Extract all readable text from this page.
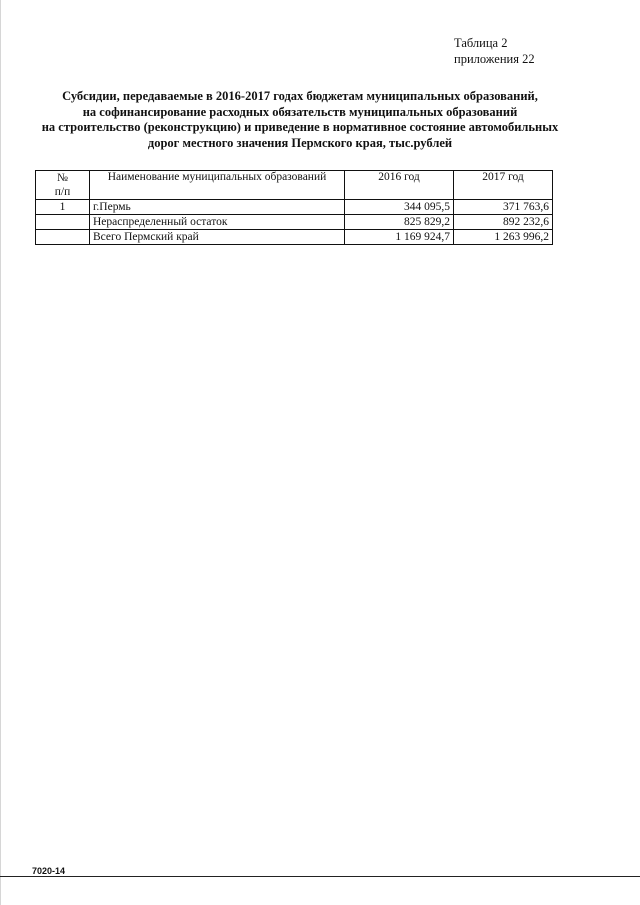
Таблица 2
приложения 22
Субсидии, передаваемые в 2016-2017 годах бюджетам муниципальных образований,
на софинансирование расходных обязательств муниципальных образований
на строительство (реконструкцию) и приведение в нормативное состояние автомобильных
дорог местного значения Пермского края, тыс.рублей
№
п/п	Наименование муниципальных образований	2016 год	2017 год
1	г.Пермь	344 095,5	371 763,6
	Нераспределенный остаток	825 829,2	892 232,6
	Всего Пермский край	1 169 924,7	1 263 996,2
7020-14
